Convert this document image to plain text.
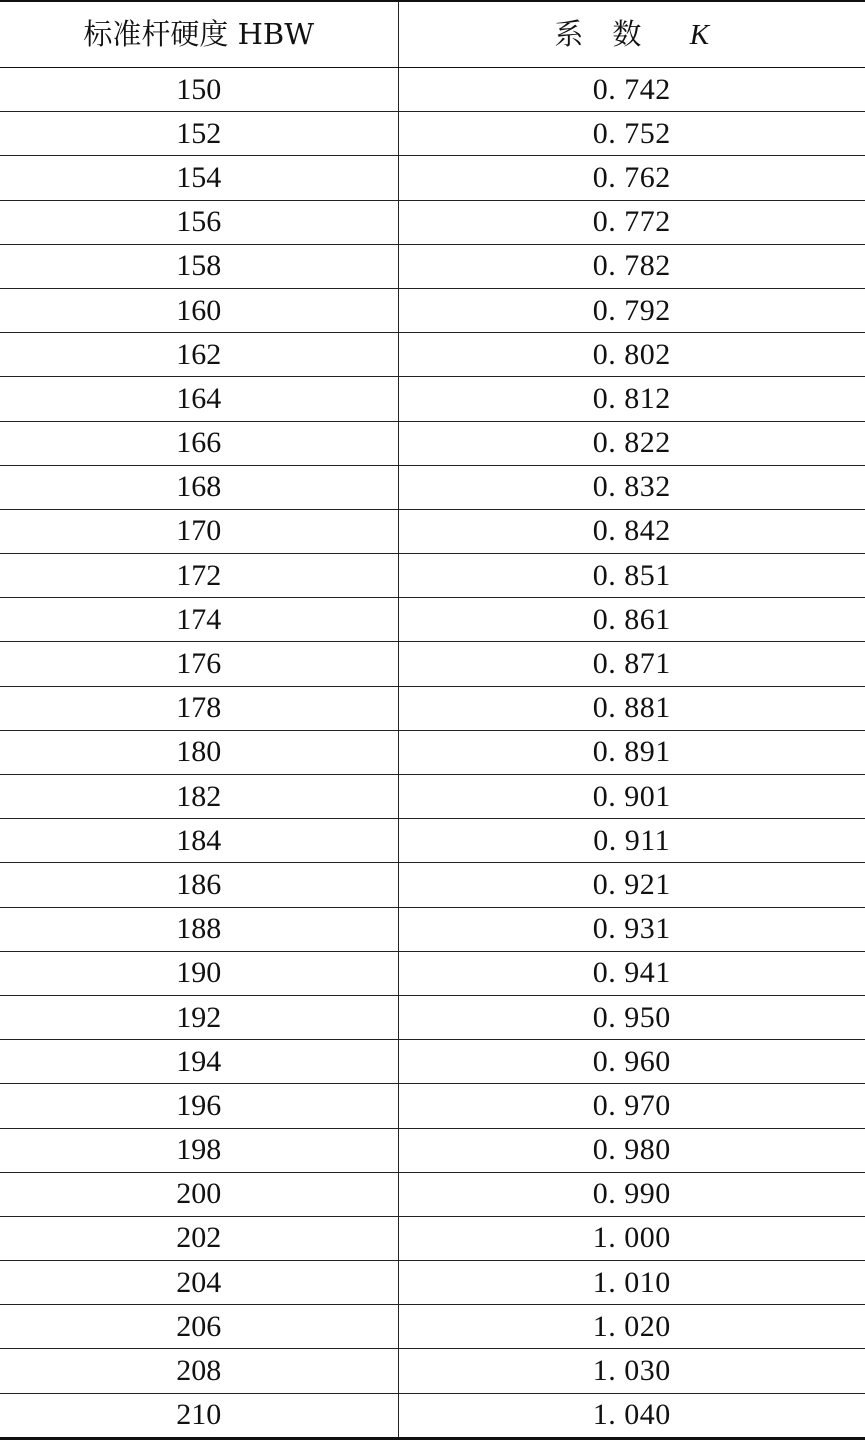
标准杆硬度 HBW	系　数 K
150	0. 742
152	0. 752
154	0. 762
156	0. 772
158	0. 782
160	0. 792
162	0. 802
164	0. 812
166	0. 822
168	0. 832
170	0. 842
172	0. 851
174	0. 861
176	0. 871
178	0. 881
180	0. 891
182	0. 901
184	0. 911
186	0. 921
188	0. 931
190	0. 941
192	0. 950
194	0. 960
196	0. 970
198	0. 980
200	0. 990
202	1. 000
204	1. 010
206	1. 020
208	1. 030
210	1. 040
